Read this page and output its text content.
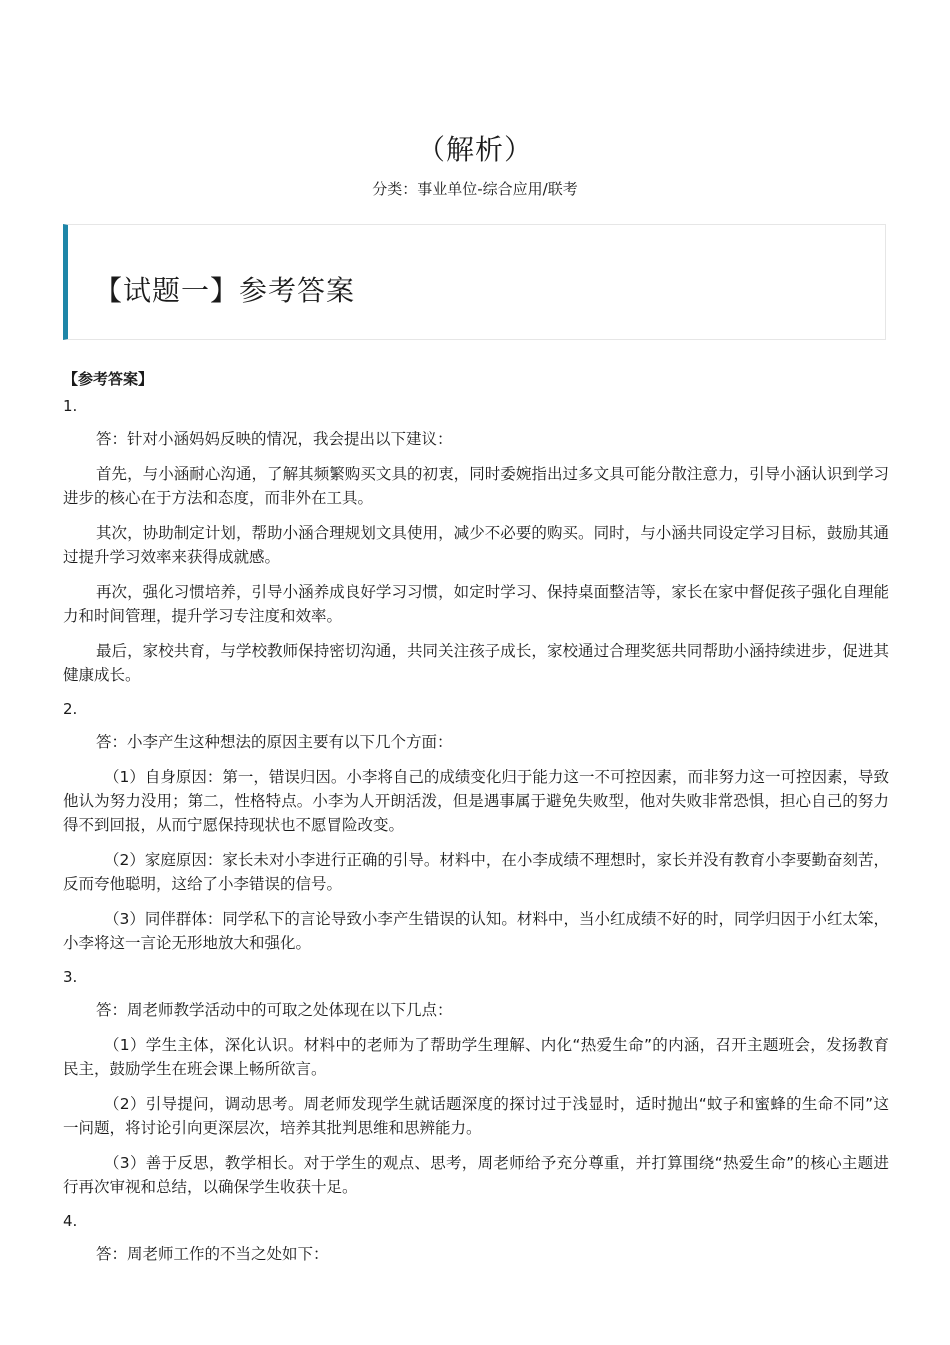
（解析）
分类：事业单位-综合应用/联考
【试题一】参考答案
【参考答案】
1.

答：针对小涵妈妈反映的情况，我会提出以下建议：

首先，与小涵耐心沟通，了解其频繁购买文具的初衷，同时委婉指出过多文具可能分散注意力，引导小涵认识到学习进步的核心在于方法和态度，而非外在工具。

其次，协助制定计划，帮助小涵合理规划文具使用，减少不必要的购买。同时，与小涵共同设定学习目标，鼓励其通过提升学习效率来获得成就感。

再次，强化习惯培养，引导小涵养成良好学习习惯，如定时学习、保持桌面整洁等，家长在家中督促孩子强化自理能力和时间管理，提升学习专注度和效率。

最后，家校共育，与学校教师保持密切沟通，共同关注孩子成长，家校通过合理奖惩共同帮助小涵持续进步，促进其健康成长。

2.

答：小李产生这种想法的原因主要有以下几个方面：

（1）自身原因：第一，错误归因。小李将自己的成绩变化归于能力这一不可控因素，而非努力这一可控因素，导致他认为努力没用；第二，性格特点。小李为人开朗活泼，但是遇事属于避免失败型，他对失败非常恐惧，担心自己的努力得不到回报，从而宁愿保持现状也不愿冒险改变。

（2）家庭原因：家长未对小李进行正确的引导。材料中，在小李成绩不理想时，家长并没有教育小李要勤奋刻苦，反而夸他聪明，这给了小李错误的信号。

（3）同伴群体：同学私下的言论导致小李产生错误的认知。材料中，当小红成绩不好的时，同学归因于小红太笨，小李将这一言论无形地放大和强化。

3.

答：周老师教学活动中的可取之处体现在以下几点：

（1）学生主体，深化认识。材料中的老师为了帮助学生理解、内化“热爱生命”的内涵，召开主题班会，发扬教育民主，鼓励学生在班会课上畅所欲言。

（2）引导提问，调动思考。周老师发现学生就话题深度的探讨过于浅显时，适时抛出“蚊子和蜜蜂的生命不同”这一问题，将讨论引向更深层次，培养其批判思维和思辨能力。

（3）善于反思，教学相长。对于学生的观点、思考，周老师给予充分尊重，并打算围绕“热爱生命”的核心主题进行再次审视和总结，以确保学生收获十足。

4.

答：周老师工作的不当之处如下：
